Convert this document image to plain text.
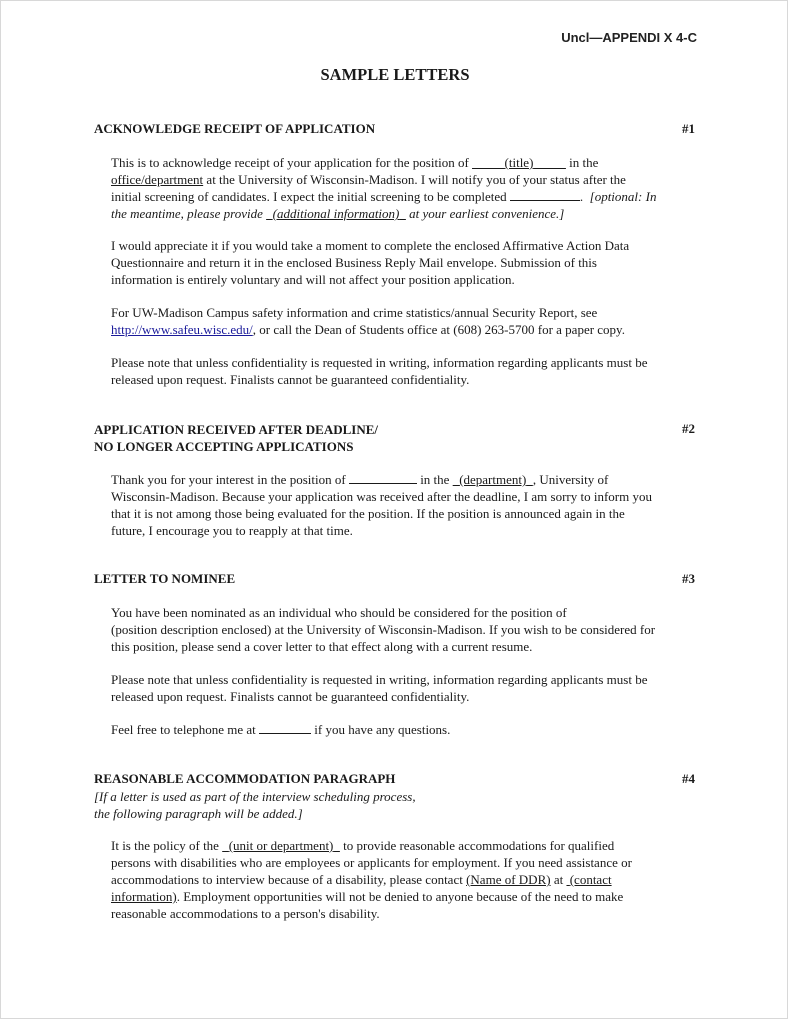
Uncl—APPENDI X 4-C
SAMPLE LETTERS
ACKNOWLEDGE RECEIPT OF APPLICATION	#1
This is to acknowledge receipt of your application for the position of	(title)	in the
office/department at the University of Wisconsin-Madison. I will notify you of your status after the
initial screening of candidates. I expect the initial screening to be completed	. [optional: In
the meantime, please provide (additional information) at your earliest convenience.]
I would appreciate it if you would take a moment to complete the enclosed Affirmative Action Data
Questionnaire and return it in the enclosed Business Reply Mail envelope. Submission of this
information is entirely voluntary and will not affect your position application.
For UW-Madison Campus safety information and crime statistics/annual Security Report, see
http://www.safeu.wisc.edu/, or call the Dean of Students office at (608) 263-5700 for a paper copy.
Please note that unless confidentiality is requested in writing, information regarding applicants must be
released upon request. Finalists cannot be guaranteed confidentiality.
APPLICATION RECEIVED AFTER DEADLINE/
NO LONGER ACCEPTING APPLICATIONS
#2
Thank you for your interest in the position of	in the (department) , University of
Wisconsin-Madison. Because your application was received after the deadline, I am sorry to inform you
that it is not among those being evaluated for the position. If the position is announced again in the
future, I encourage you to reapply at that time.
LETTER TO NOMINEE	#3
You have been nominated as an individual who should be considered for the position of
(position description enclosed) at the University of Wisconsin-Madison. If you wish to be considered for
this position, please send a cover letter to that effect along with a current resume.
Please note that unless confidentiality is requested in writing, information regarding applicants must be
released upon request. Finalists cannot be guaranteed confidentiality.
Feel free to telephone me at	if you have any questions.
REASONABLE ACCOMMODATION PARAGRAPH	#4
[If a letter is used as part of the interview scheduling process,
the following paragraph will be added.]
It is the policy of the (unit or department) to provide reasonable accommodations for qualified
persons with disabilities who are employees or applicants for employment. If you need assistance or
accommodations to interview because of a disability, please contact (Name of DDR) at (contact
information). Employment opportunities will not be denied to anyone because of the need to make
reasonable accommodations to a person's disability.
